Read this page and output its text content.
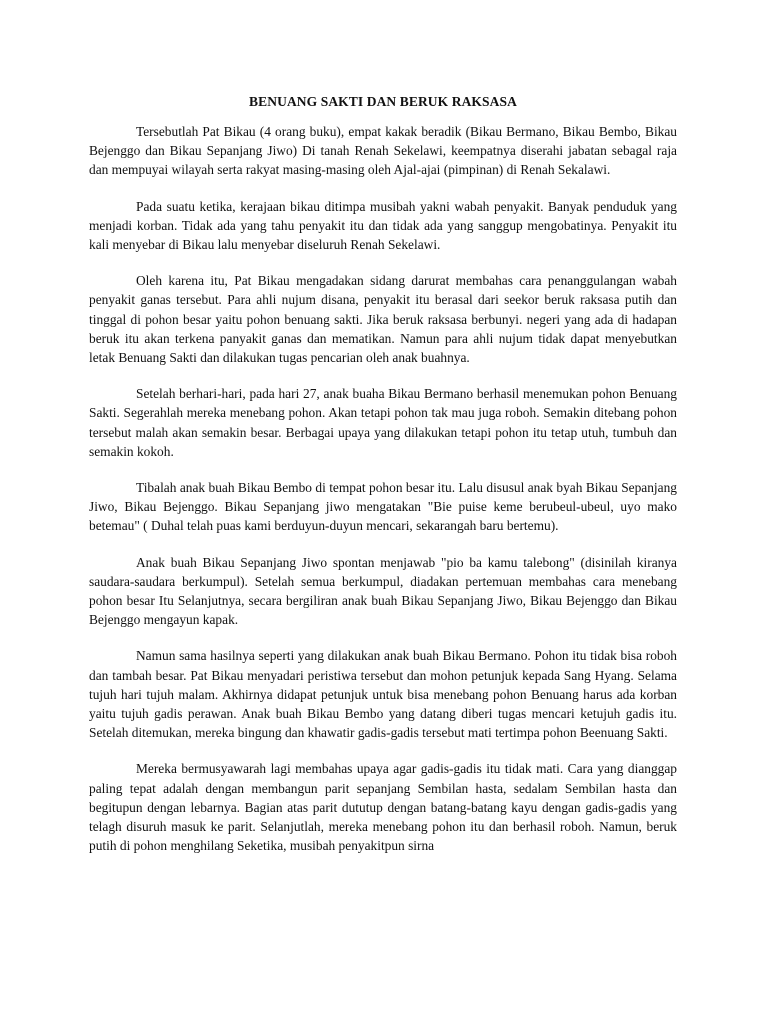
BENUANG SAKTI DAN BERUK RAKSASA

Tersebutlah Pat Bikau (4 orang buku), empat kakak beradik (Bikau Bermano, Bikau Bembo, Bikau Bejenggo dan Bikau Sepanjang Jiwo) Di tanah Renah Sekelawi, keempatnya diserahi jabatan sebagal raja dan mempuyai wilayah serta rakyat masing-masing oleh Ajal-ajai (pimpinan) di Renah Sekalawi.

Pada suatu ketika, kerajaan bikau ditimpa musibah yakni wabah penyakit. Banyak penduduk yang menjadi korban. Tidak ada yang tahu penyakit itu dan tidak ada yang sanggup mengobatinya. Penyakit itu kali menyebar di Bikau lalu menyebar diseluruh Renah Sekelawi.

Oleh karena itu, Pat Bikau mengadakan sidang darurat membahas cara penanggulangan wabah penyakit ganas tersebut. Para ahli nujum disana, penyakit itu berasal dari seekor beruk raksasa putih dan tinggal di pohon besar yaitu pohon benuang sakti. Jika beruk raksasa berbunyi. negeri yang ada di hadapan beruk itu akan terkena panyakit ganas dan mematikan. Namun para ahli nujum tidak dapat menyebutkan letak Benuang Sakti dan dilakukan tugas pencarian oleh anak buahnya.

Setelah berhari-hari, pada hari 27, anak buaha Bikau Bermano berhasil menemukan pohon Benuang Sakti. Segerahlah mereka menebang pohon. Akan tetapi pohon tak mau juga roboh. Semakin ditebang pohon tersebut malah akan semakin besar. Berbagai upaya yang dilakukan tetapi pohon itu tetap utuh, tumbuh dan semakin kokoh.

Tibalah anak buah Bikau Bembo di tempat pohon besar itu. Lalu disusul anak byah Bikau Sepanjang Jiwo, Bikau Bejenggo. Bikau Sepanjang jiwo mengatakan "Bie puise keme berubeul-ubeul, uyo mako betemau" ( Duhal telah puas kami berduyun-duyun mencari, sekarangah baru bertemu).

Anak buah Bikau Sepanjang Jiwo spontan menjawab "pio ba kamu talebong" (disinilah kiranya saudara-saudara berkumpul). Setelah semua berkumpul, diadakan pertemuan membahas cara menebang pohon besar Itu Selanjutnya, secara bergiliran anak buah Bikau Sepanjang Jiwo, Bikau Bejenggo dan Bikau Bejenggo mengayun kapak.

Namun sama hasilnya seperti yang dilakukan anak buah Bikau Bermano. Pohon itu tidak bisa roboh dan tambah besar. Pat Bikau menyadari peristiwa tersebut dan mohon petunjuk kepada Sang Hyang. Selama tujuh hari tujuh malam. Akhirnya didapat petunjuk untuk bisa menebang pohon Benuang harus ada korban yaitu tujuh gadis perawan. Anak buah Bikau Bembo yang datang diberi tugas mencari ketujuh gadis itu. Setelah ditemukan, mereka bingung dan khawatir gadis-gadis tersebut mati tertimpa pohon Beenuang Sakti.

Mereka bermusyawarah lagi membahas upaya agar gadis-gadis itu tidak mati. Cara yang dianggap paling tepat adalah dengan membangun parit sepanjang Sembilan hasta, sedalam Sembilan hasta dan begitupun dengan lebarnya. Bagian atas parit dututup dengan batang-batang kayu dengan gadis-gadis yang telagh disuruh masuk ke parit. Selanjutlah, mereka menebang pohon itu dan berhasil roboh. Namun, beruk putih di pohon menghilang Seketika, musibah penyakitpun sirna
